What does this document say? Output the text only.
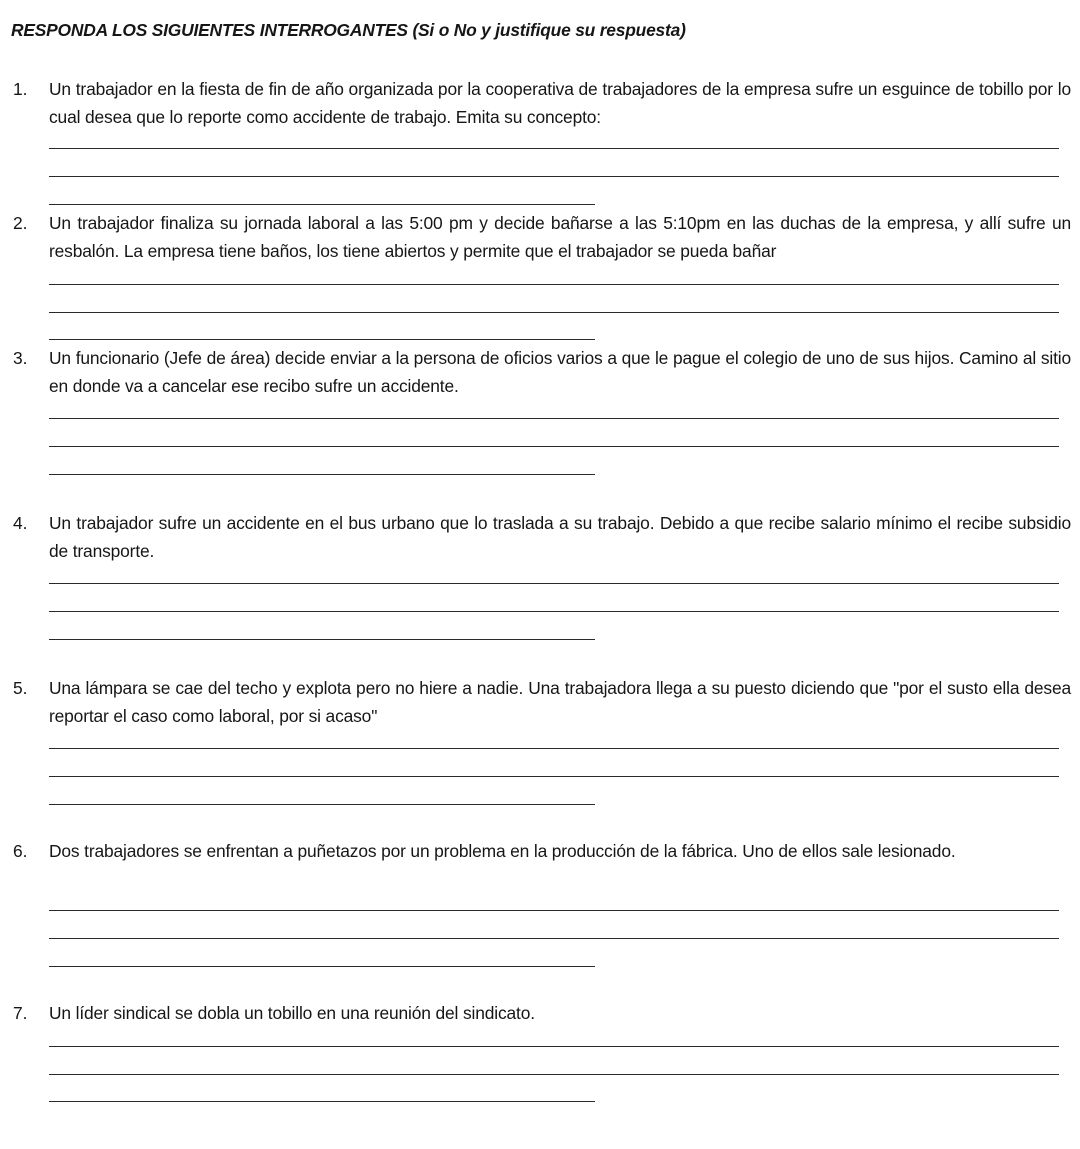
RESPONDA LOS SIGUIENTES INTERROGANTES (Si o No y justifique su respuesta)
1. Un trabajador en la fiesta de fin de año organizada por la cooperativa de trabajadores de la empresa sufre un esguince de tobillo por lo cual desea que lo reporte como accidente de trabajo. Emita su concepto:
2. Un trabajador finaliza su jornada laboral a las 5:00 pm y decide bañarse a las 5:10pm en las duchas de la empresa, y allí sufre un resbalón. La empresa tiene baños, los tiene abiertos y permite que el trabajador se pueda bañar
3. Un funcionario (Jefe de área) decide enviar a la persona de oficios varios a que le pague el colegio de uno de sus hijos. Camino al sitio en donde va a cancelar ese recibo sufre un accidente.
4. Un trabajador sufre un accidente en el bus urbano que lo traslada a su trabajo. Debido a que recibe salario mínimo el recibe subsidio de transporte.
5. Una lámpara se cae del techo y explota pero no hiere a nadie. Una trabajadora llega a su puesto diciendo que "por el susto ella desea reportar el caso como laboral, por si acaso"
6. Dos trabajadores se enfrentan a puñetazos por un problema en la producción de la fábrica. Uno de ellos sale lesionado.
7. Un líder sindical se dobla un tobillo en una reunión del sindicato.
